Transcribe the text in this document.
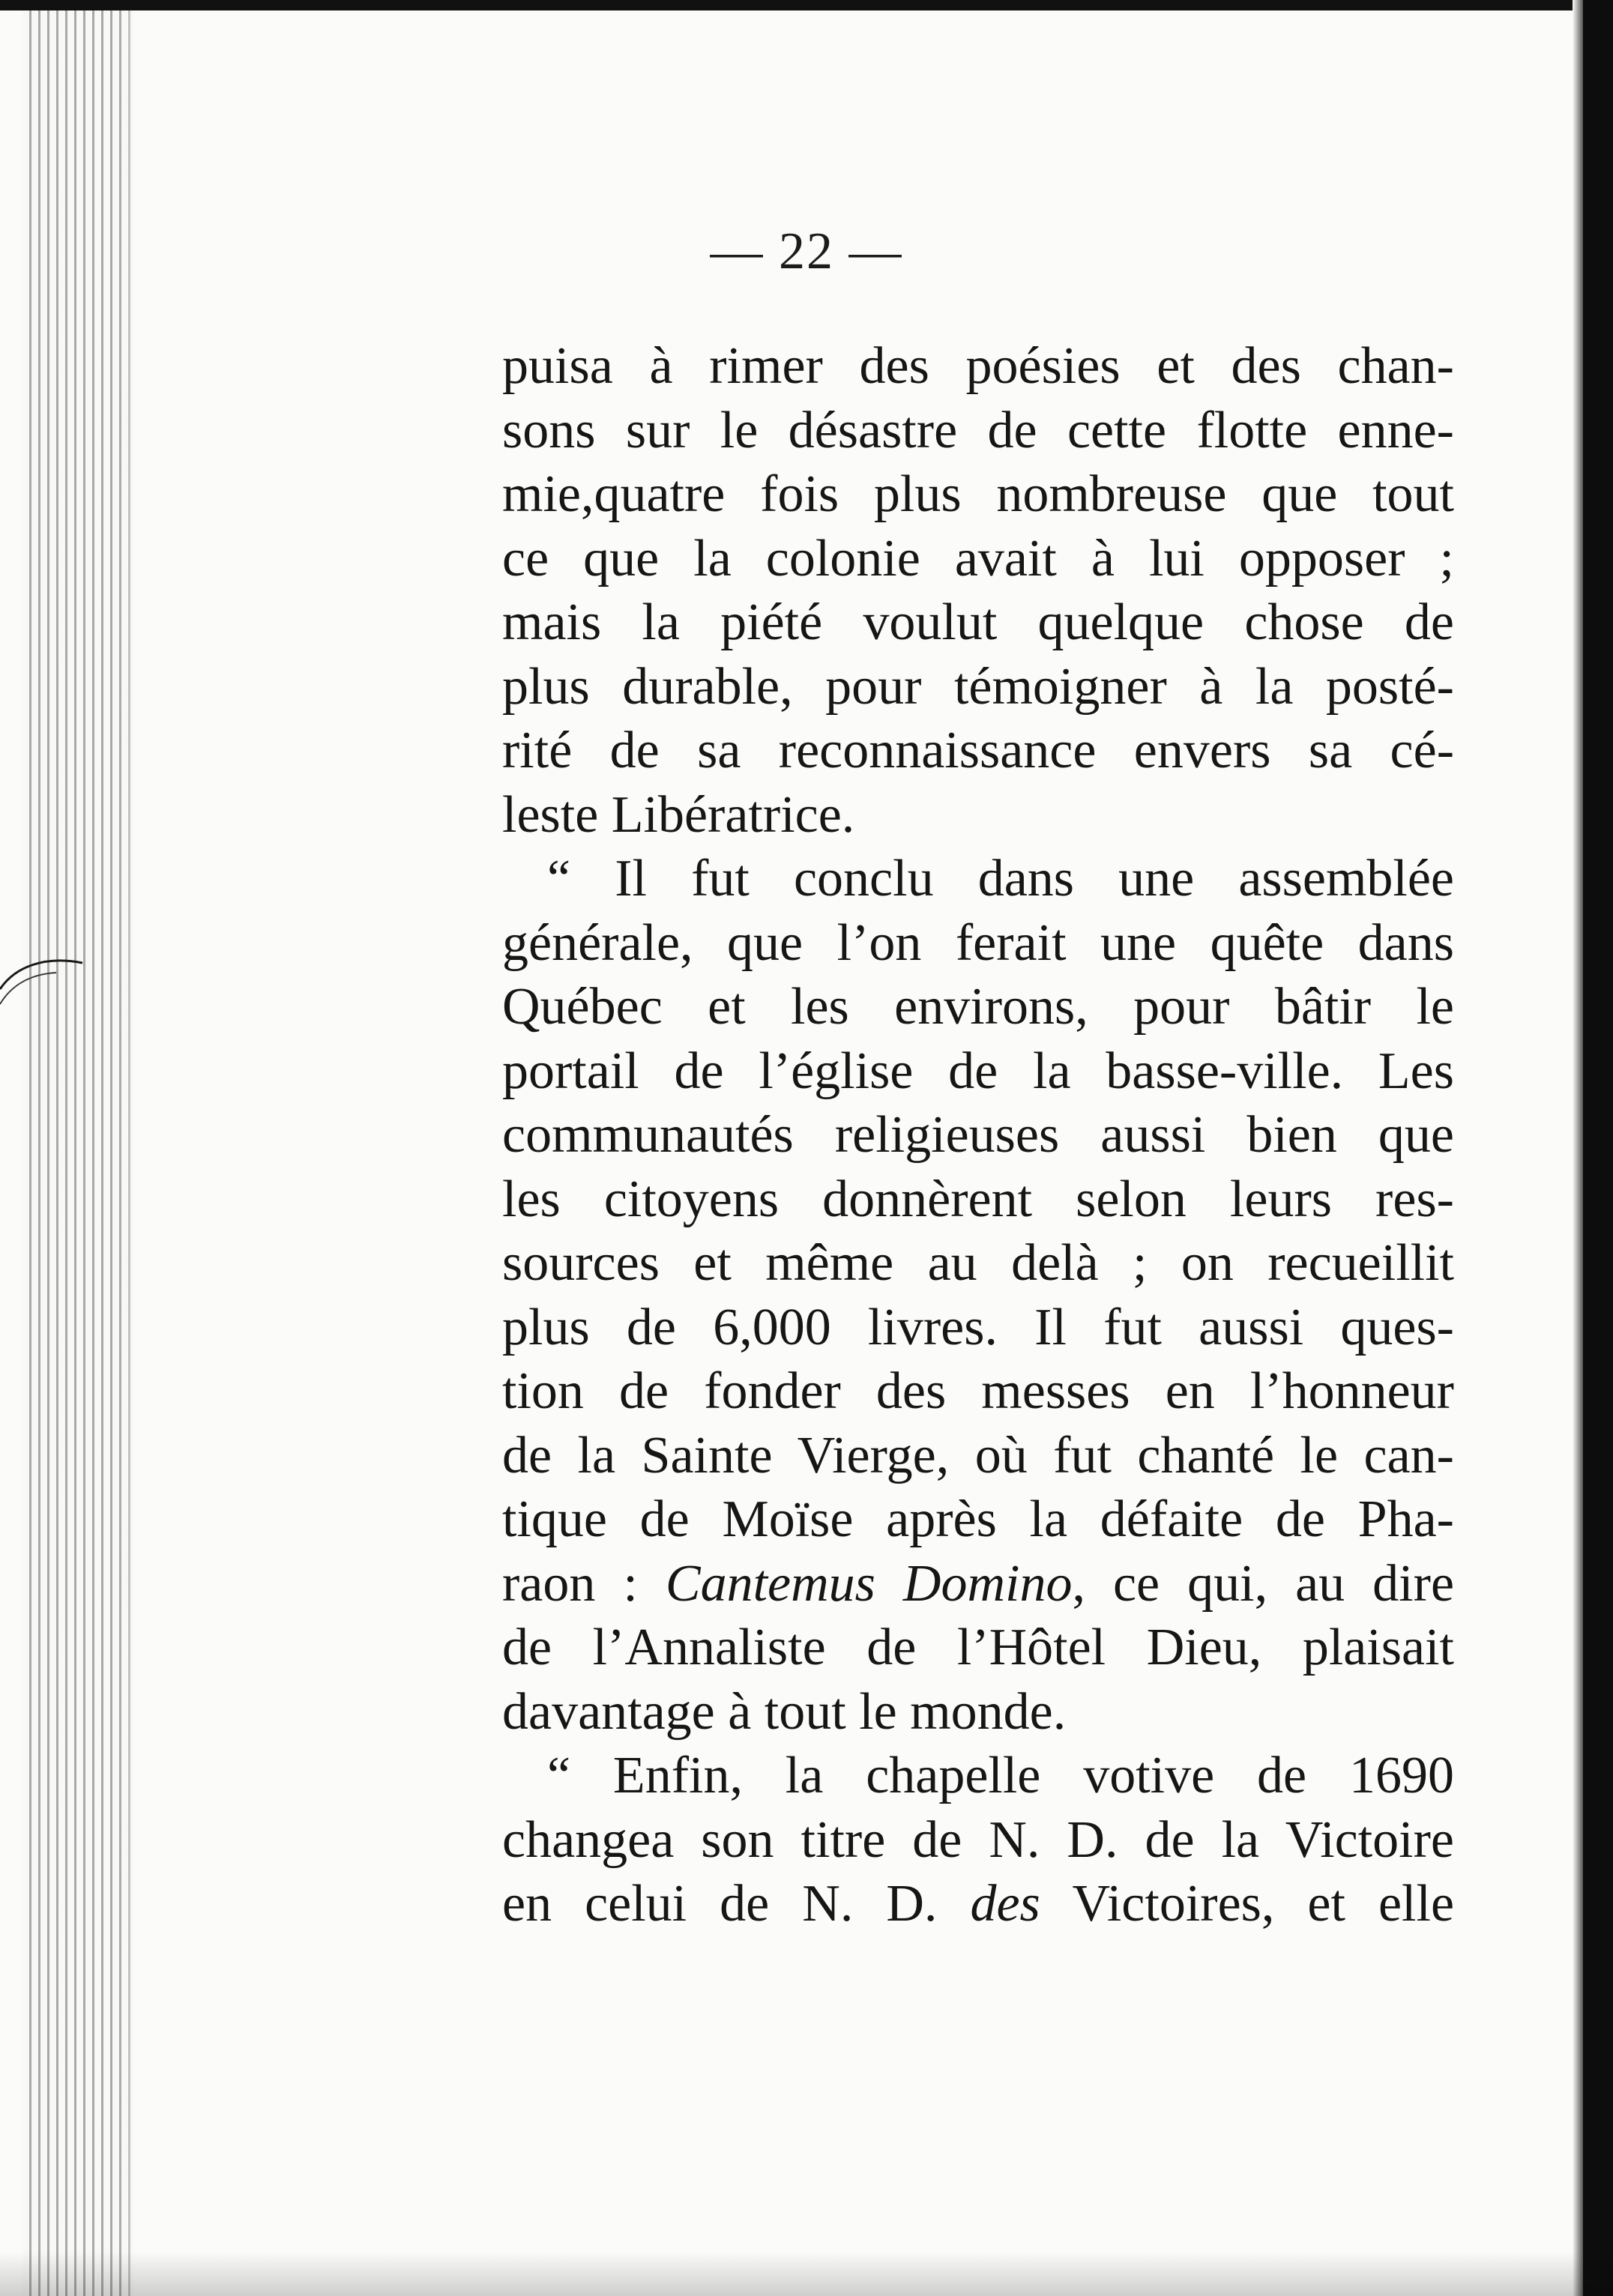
— 22 —
puisa à rimer des poésies et des chan-
sons sur le désastre de cette flotte enne-
mie,quatre fois plus nombreuse que tout
ce que la colonie avait à lui opposer ;
mais la piété voulut quelque chose de
plus durable, pour témoigner à la posté-
rité de sa reconnaissance envers sa cé-
leste Libératrice.
“ Il fut conclu dans une assemblée
générale, que l’on ferait une quête dans
Québec et les environs, pour bâtir le
portail de l’église de la basse-ville. Les
communautés religieuses aussi bien que
les citoyens donnèrent selon leurs res-
sources et même au delà ; on recueillit
plus de 6,000 livres. Il fut aussi ques-
tion de fonder des messes en l’honneur
de la Sainte Vierge, où fut chanté le can-
tique de Moïse après la défaite de Pha-
raon : Cantemus Domino, ce qui, au dire
de l’Annaliste de l’Hôtel Dieu, plaisait
davantage à tout le monde.
“ Enfin, la chapelle votive de 1690
changea son titre de N. D. de la Victoire
en celui de N. D. des Victoires, et elle
